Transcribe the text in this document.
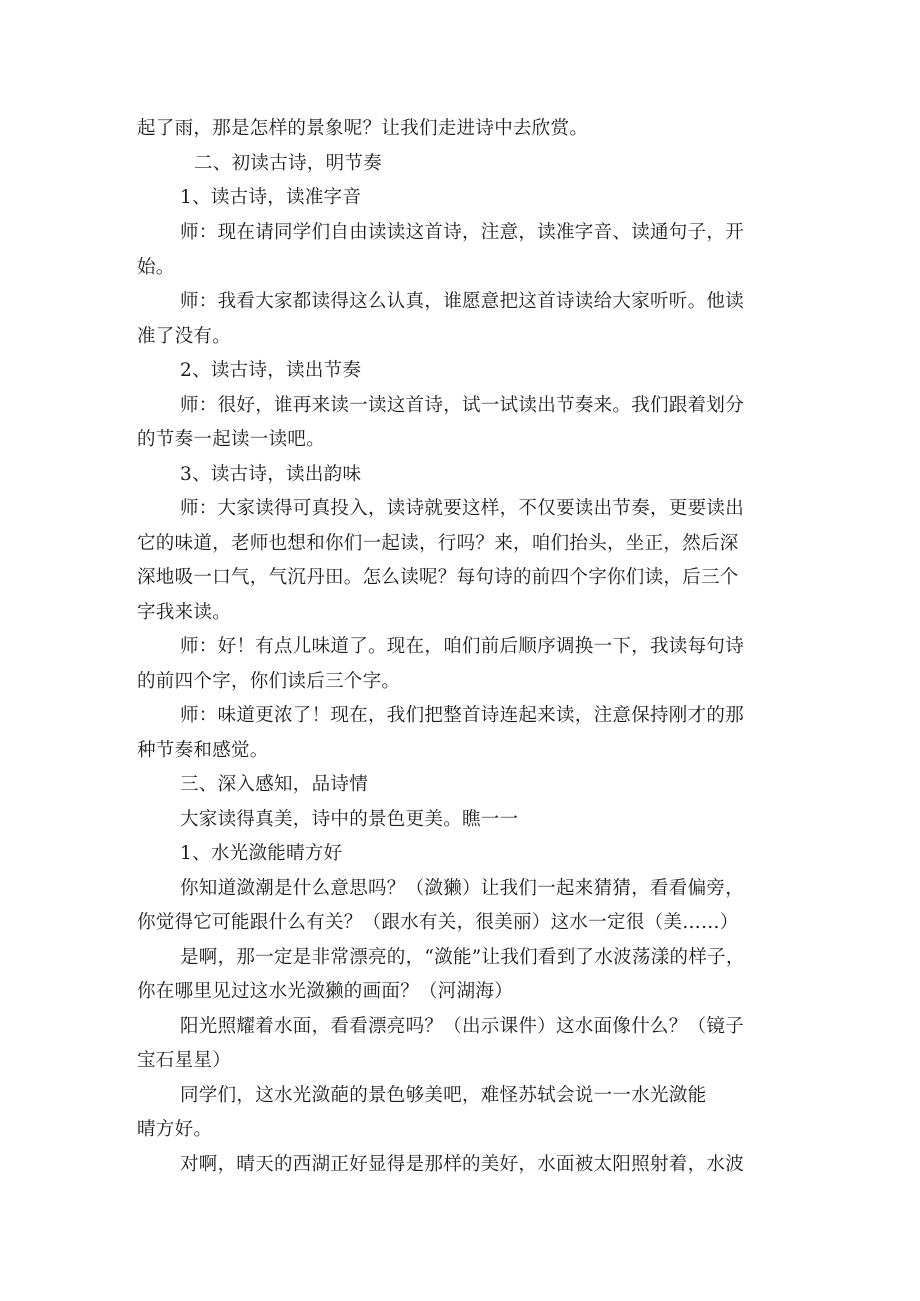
起了雨，那是怎样的景象呢？让我们走进诗中去欣赏。
二、初读古诗，明节奏
1、读古诗，读准字音
师：现在请同学们自由读读这首诗，注意，读准字音、读通句子，开
始。
师：我看大家都读得这么认真，谁愿意把这首诗读给大家听听。他读
准了没有。
2、读古诗，读出节奏
师：很好，谁再来读一读这首诗，试一试读出节奏来。我们跟着划分
的节奏一起读一读吧。
3、读古诗，读出韵味
师：大家读得可真投入，读诗就要这样，不仅要读出节奏，更要读出
它的味道，老师也想和你们一起读，行吗？来，咱们抬头，坐正，然后深
深地吸一口气，气沉丹田。怎么读呢？每句诗的前四个字你们读，后三个
字我来读。
师：好！有点儿味道了。现在，咱们前后顺序调换一下，我读每句诗
的前四个字，你们读后三个字。
师：味道更浓了！现在，我们把整首诗连起来读，注意保持刚才的那
种节奏和感觉。
三、深入感知，品诗情
大家读得真美，诗中的景色更美。瞧一一
1、水光潋能晴方好
你知道潋潮是什么意思吗？（潋獭）让我们一起来猜猜，看看偏旁，
你觉得它可能跟什么有关？（跟水有关，很美丽）这水一定很（美……）
是啊，那一定是非常漂亮的，“潋能”让我们看到了水波荡漾的样子，
你在哪里见过这水光潋獭的画面？（河湖海）
阳光照耀着水面，看看漂亮吗？（出示课件）这水面像什么？（镜子
宝石星星）
同学们，这水光潋葩的景色够美吧，难怪苏轼会说一一水光潋能
晴方好。
对啊，晴天的西湖正好显得是那样的美好，水面被太阳照射着，水波
